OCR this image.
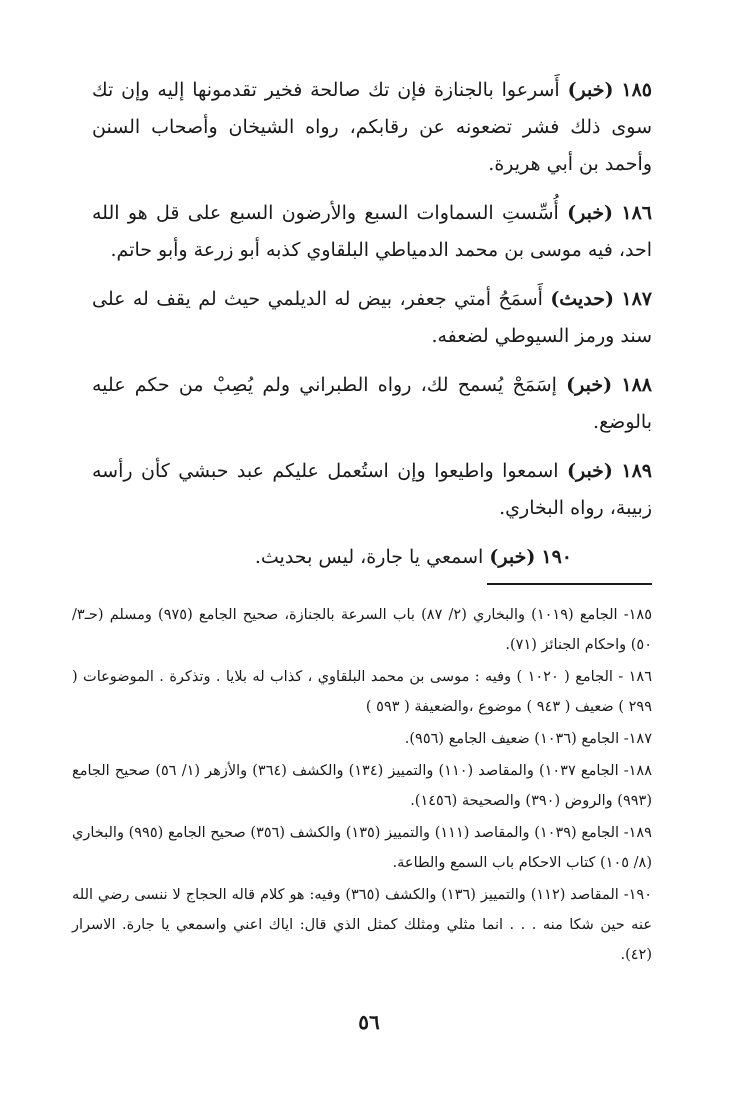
١٨٥ (خبر) أَسرعوا بالجنازة فإن تك صالحة فخير تقدمونها إليه وإن تك سوى ذلك فشر تضعونه عن رقابكم، رواه الشيخان وأصحاب السنن وأحمد بن أبي هريرة.

١٨٦ (خبر) أُسِّستِ السماوات السبع والأرضون السبع على قل هو الله احد، فيه موسى بن محمد الدمياطي البلقاوي كذبه أبو زرعة وأبو حاتم.

١٨٧ (حديث) أَسمَحُ أمتي جعفر، بيض له الديلمي حيث لم يقف له على سند ورمز السيوطي لضعفه.

١٨٨ (خبر) إسَمَحْ يُسمح لك، رواه الطبراني ولم يُصِبْ من حكم عليه بالوضع.

١٨٩ (خبر) اسمعوا واطيعوا وإن استُعمل عليكم عبد حبشي كأن رأسه زبيبة، رواه البخاري.

١٩٠ (خبر) اسمعي يا جارة، ليس بحديث.

١٨٥- الجامع (١٠١٩) والبخاري (٢/ ٨٧) باب السرعة بالجنازة، صحيح الجامع (٩٧٥) ومسلم (حـ٣/ ٥٠) واحكام الجنائز (٧١).

١٨٦ - الجامع ( ١٠٢٠ ) وفيه : موسى بن محمد البلقاوي ، كذاب له بلايا . وتذكرة . الموضوعات ( ٢٩٩ ) ضعيف ( ٩٤٣ ) موضوع ،والضعيفة ( ٥٩٣ )

١٨٧- الجامع (١٠٣٦) ضعيف الجامع (٩٥٦).

١٨٨- الجامع ١٠٣٧) والمقاصد (١١٠) والتمييز (١٣٤) والكشف (٣٦٤) والأزهر (١/ ٥٦) صحيح الجامع (٩٩٣) والروض (٣٩٠) والصحيحة (١٤٥٦).

١٨٩- الجامع (١٠٣٩) والمقاصد (١١١) والتمييز (١٣٥) والكشف (٣٥٦) صحيح الجامع (٩٩٥) والبخاري (٨/ ١٠٥) كتاب الاحكام باب السمع والطاعة.

١٩٠- المقاصد (١١٢) والتمييز (١٣٦) والكشف (٣٦٥) وفيه: هو كلام قاله الحجاج لا ننسى رضي الله عنه حين شكا منه . . . انما مثلي ومثلك كمثل الذي قال: اياك اعني واسمعي يا جارة. الاسرار (٤٢).

٥٦
